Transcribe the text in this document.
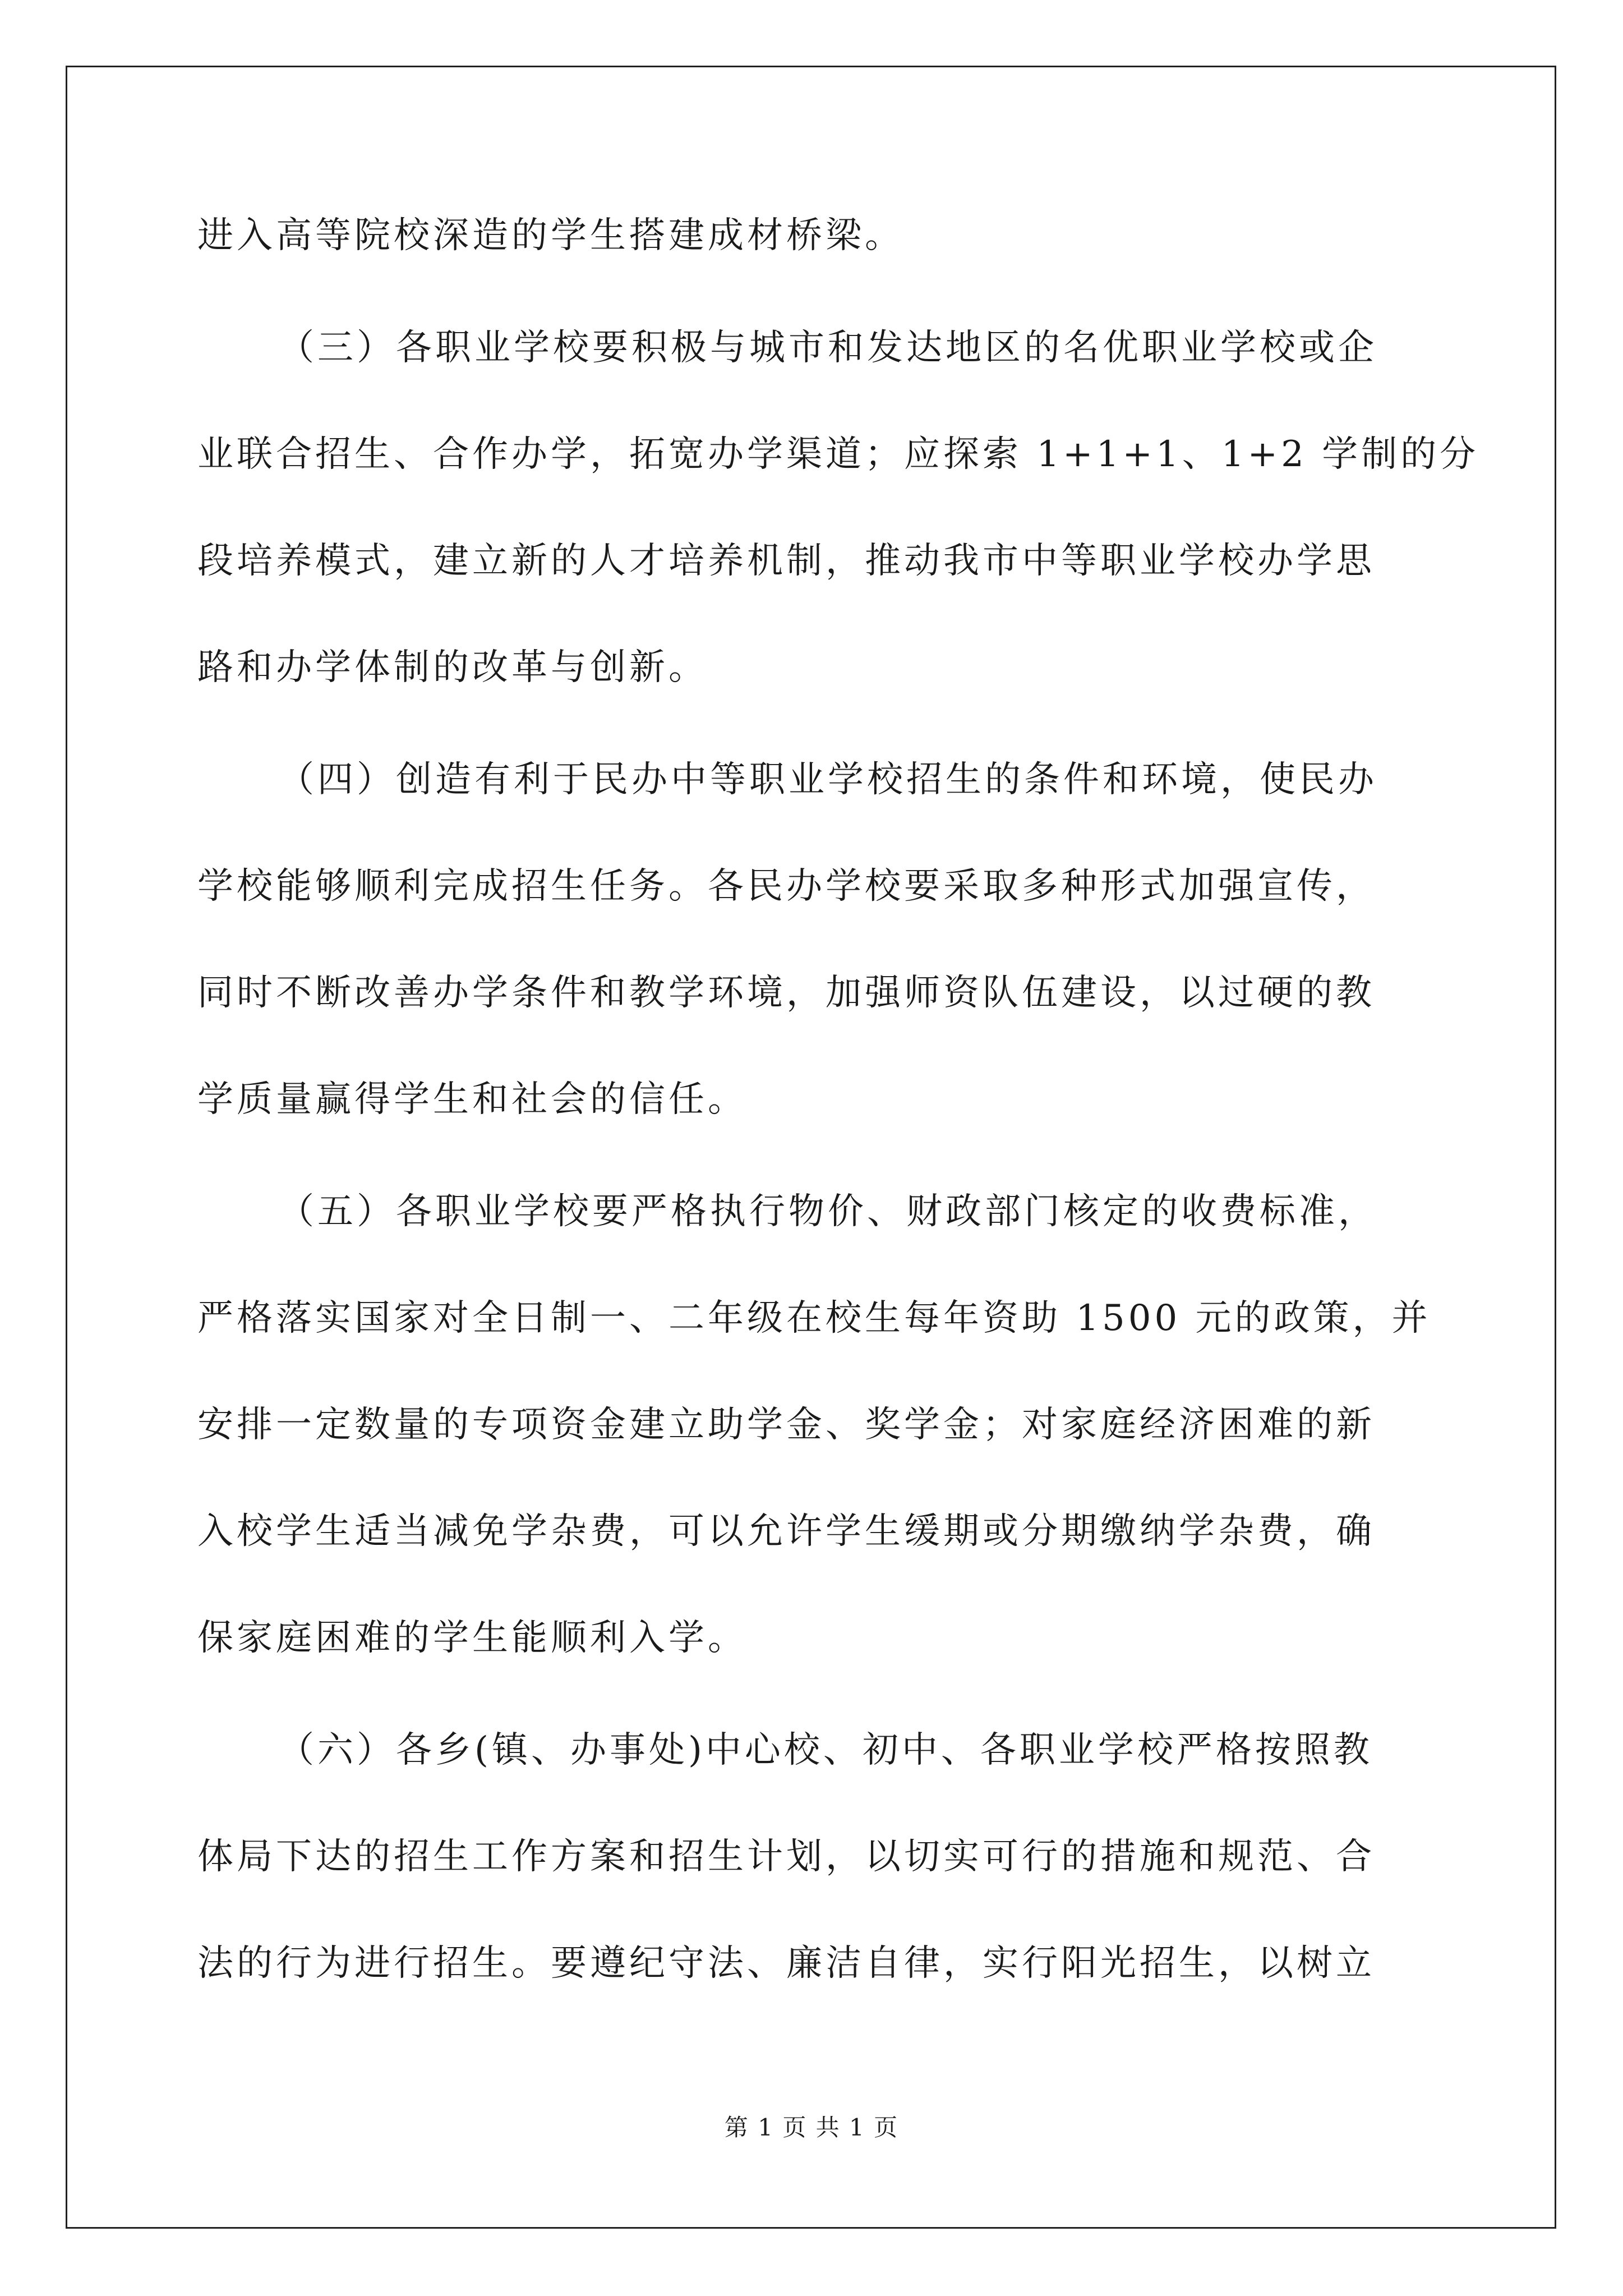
进入高等院校深造的学生搭建成材桥梁。
（三）各职业学校要积极与城市和发达地区的名优职业学校或企
业联合招生、合作办学，拓宽办学渠道；应探索 1+1+1、1+2 学制的分
段培养模式，建立新的人才培养机制，推动我市中等职业学校办学思
路和办学体制的改革与创新。
（四）创造有利于民办中等职业学校招生的条件和环境，使民办
学校能够顺利完成招生任务。各民办学校要采取多种形式加强宣传，
同时不断改善办学条件和教学环境，加强师资队伍建设，以过硬的教
学质量赢得学生和社会的信任。
（五）各职业学校要严格执行物价、财政部门核定的收费标准，
严格落实国家对全日制一、二年级在校生每年资助 1500 元的政策，并
安排一定数量的专项资金建立助学金、奖学金；对家庭经济困难的新
入校学生适当减免学杂费，可以允许学生缓期或分期缴纳学杂费，确
保家庭困难的学生能顺利入学。
（六）各乡(镇、办事处)中心校、初中、各职业学校严格按照教
体局下达的招生工作方案和招生计划，以切实可行的措施和规范、合
法的行为进行招生。要遵纪守法、廉洁自律，实行阳光招生，以树立
第 1 页 共 1 页
